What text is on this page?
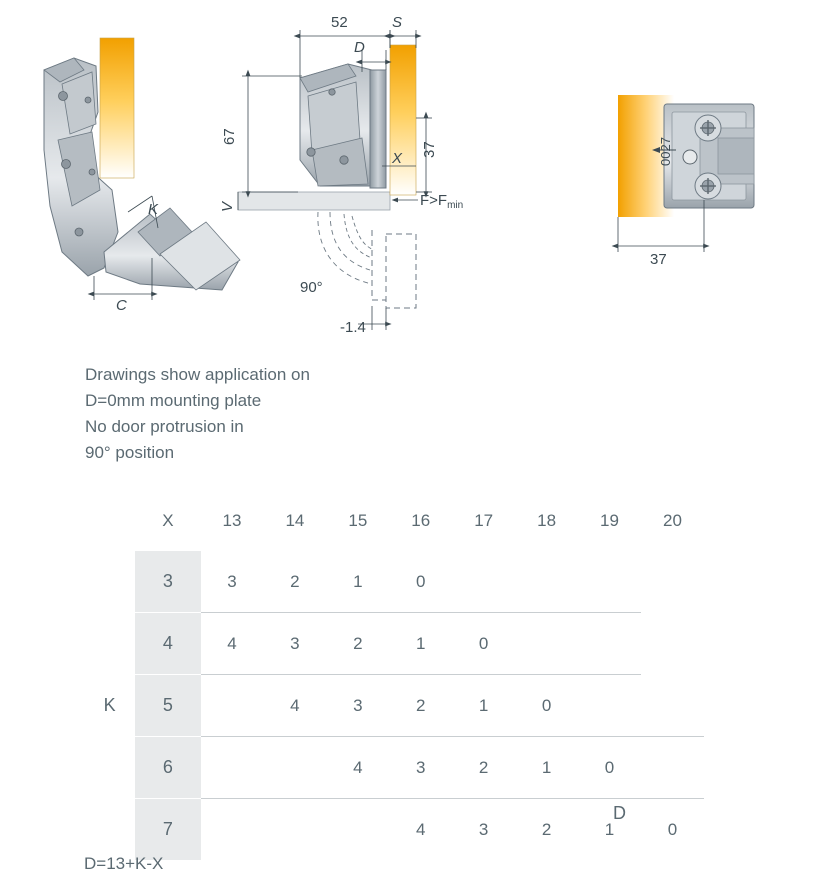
C
K
90°
-1.4
52	S
D
67
V
37
X
$F>F_{min}$
0027
37
Drawings show application on
D=0mm mounting plate
No door protrusion in
90° position
	X	13	14	15	16	17	18	19	20
	3	3	2	1	0				
	4	4	3	2	1	0			
K	5		4	3	2	1	0		
	6			4	3	2	1	0	
	7				4	3	2	1	0
D
D=13+K-X
